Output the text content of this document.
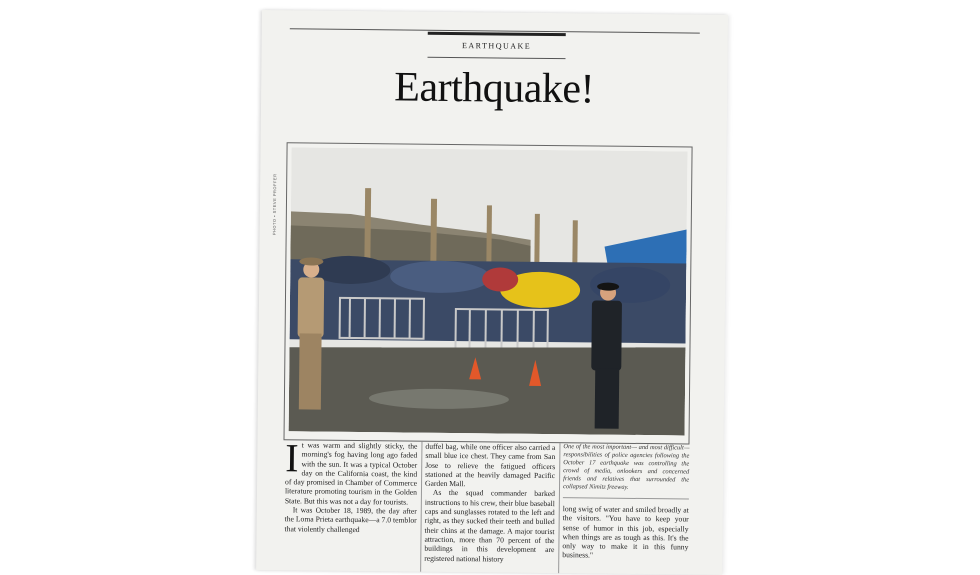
EARTHQUAKE
Earthquake!
PHOTO • STEVE PROFFER
I t was warm and slightly sticky, the morning's fog having long ago faded with the sun. It was a typical October day on the California coast, the kind of day promised in Chamber of Commerce literature promoting tourism in the Golden State. But this was not a day for tourists.

It was October 18, 1989, the day after the Loma Prieta earthquake—a 7.0 temblor that violently challenged

duffel bag, while one officer also carried a small blue ice chest. They came from San Jose to relieve the fatigued officers stationed at the heavily damaged Pacific Garden Mall.

As the squad commander barked instructions to his crew, their blue baseball caps and sunglasses rotated to the left and right, as they sucked their teeth and bulled their chins at the damage. A major tourist attraction, more than 70 percent of the buildings in this development are registered national history

One of the most important— and most difficult—responsibilities of police agencies following the October 17 earthquake was controlling the crowd of media, onlookers and concerned friends and relatives that surrounded the collapsed Nimitz freeway.

long swig of water and smiled broadly at the visitors. "You have to keep your sense of humor in this job, especially when things are as tough as this. It's the only way to make it in this funny business."
